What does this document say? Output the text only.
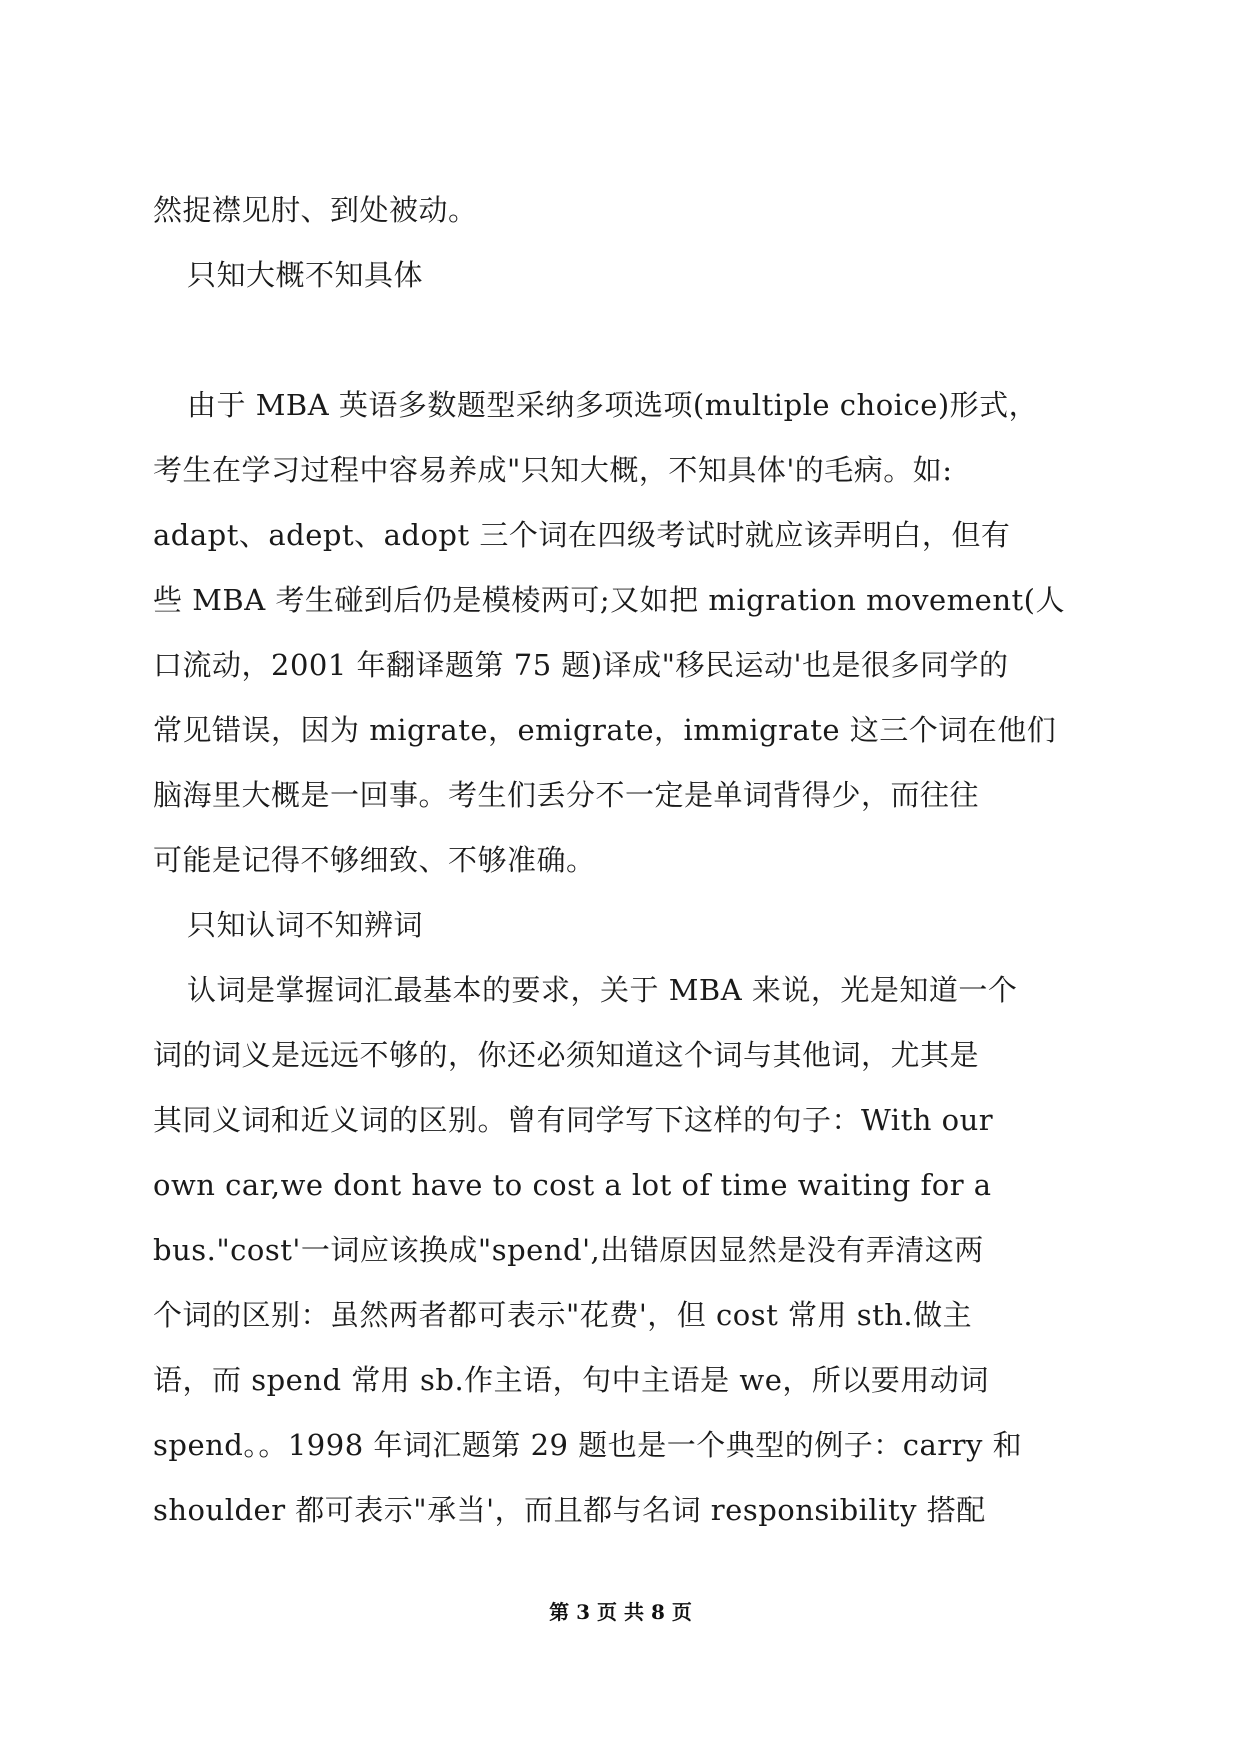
然捉襟见肘、到处被动。
只知大概不知具体
由于 MBA 英语多数题型采纳多项选项(multiple choice)形式，
考生在学习过程中容易养成"只知大概，不知具体'的毛病。如:
adapt、adept、adopt 三个词在四级考试时就应该弄明白，但有
些 MBA 考生碰到后仍是模棱两可;又如把 migration movement(人
口流动，2001 年翻译题第 75 题)译成"移民运动'也是很多同学的
常见错误，因为 migrate，emigrate，immigrate 这三个词在他们
脑海里大概是一回事。考生们丢分不一定是单词背得少，而往往
可能是记得不够细致、不够准确。
只知认词不知辨词
认词是掌握词汇最基本的要求，关于 MBA 来说，光是知道一个
词的词义是远远不够的，你还必须知道这个词与其他词，尤其是
其同义词和近义词的区别。曾有同学写下这样的句子：With our
own car,we dont have to cost a lot of time waiting for a
bus."cost'一词应该换成"spend',出错原因显然是没有弄清这两
个词的区别：虽然两者都可表示"花费'，但 cost 常用 sth.做主
语，而 spend 常用 sb.作主语，句中主语是 we，所以要用动词
spend。。1998 年词汇题第 29 题也是一个典型的例子：carry 和
shoulder 都可表示"承当'，而且都与名词 responsibility 搭配
第 3 页 共 8 页
